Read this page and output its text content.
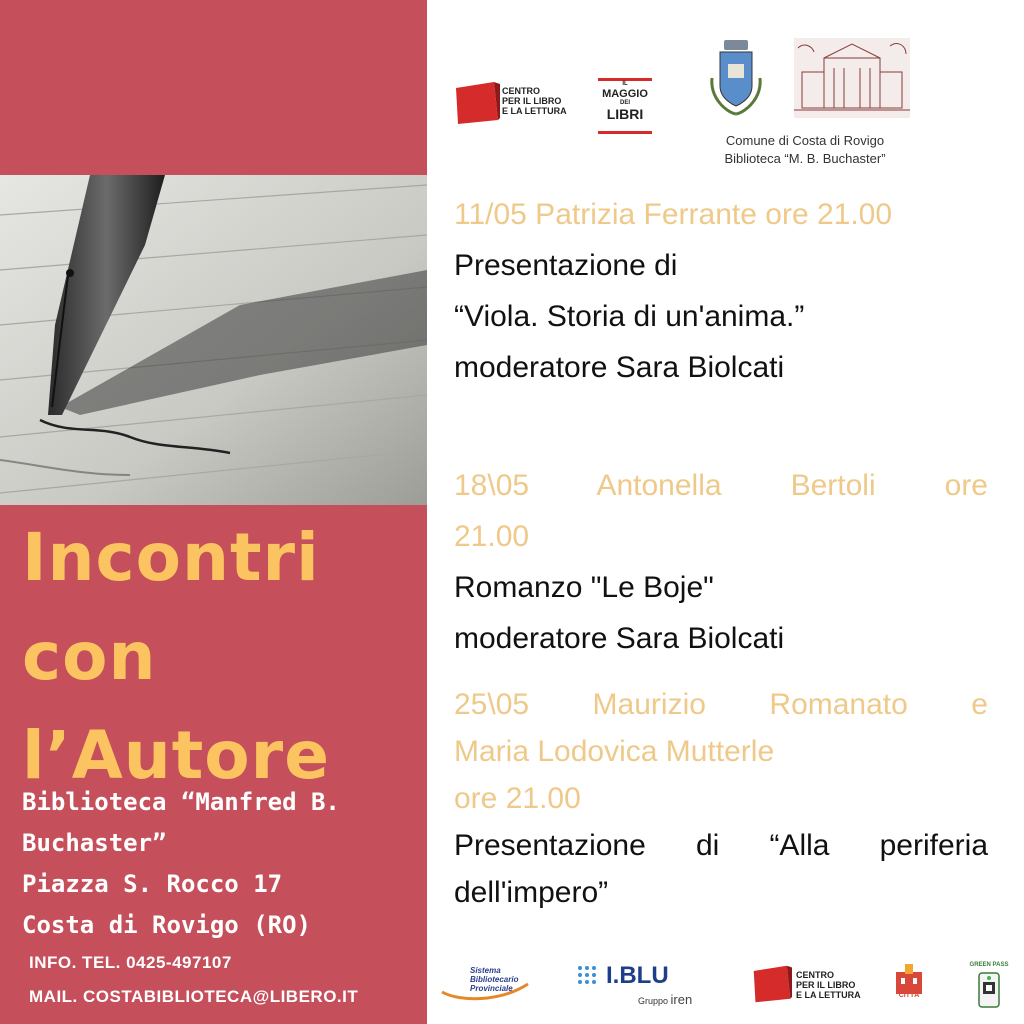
Incontri
con
l’Autore
Biblioteca “Manfred B.
Buchaster”
Piazza S. Rocco 17
Costa di Rovigo (RO)
INFO. TEL. 0425-497107
MAIL. COSTABIBLIOTECA@LIBERO.IT
CENTRO
PER IL LIBRO
E LA LETTURA
IL
MAGGIO
DEI
LIBRI
Comune di Costa di Rovigo
Biblioteca “M. B. Buchaster”
11/05 Patrizia Ferrante ore 21.00
Presentazione di
“Viola. Storia di un'anima.”
moderatore Sara Biolcati
18\05 Antonella Bertoli ore
21.00
Romanzo "Le Boje"
moderatore Sara Biolcati
25\05 Maurizio Romanato e
Maria Lodovica Mutterle
ore 21.00
Presentazione di “Alla periferia
dell'impero”
Sistema
Bibliotecario
Provinciale	I.BLU
Gruppo iren
CENTRO
PER IL LIBRO
E LA LETTURA	CITTÀ
GREEN PASS
